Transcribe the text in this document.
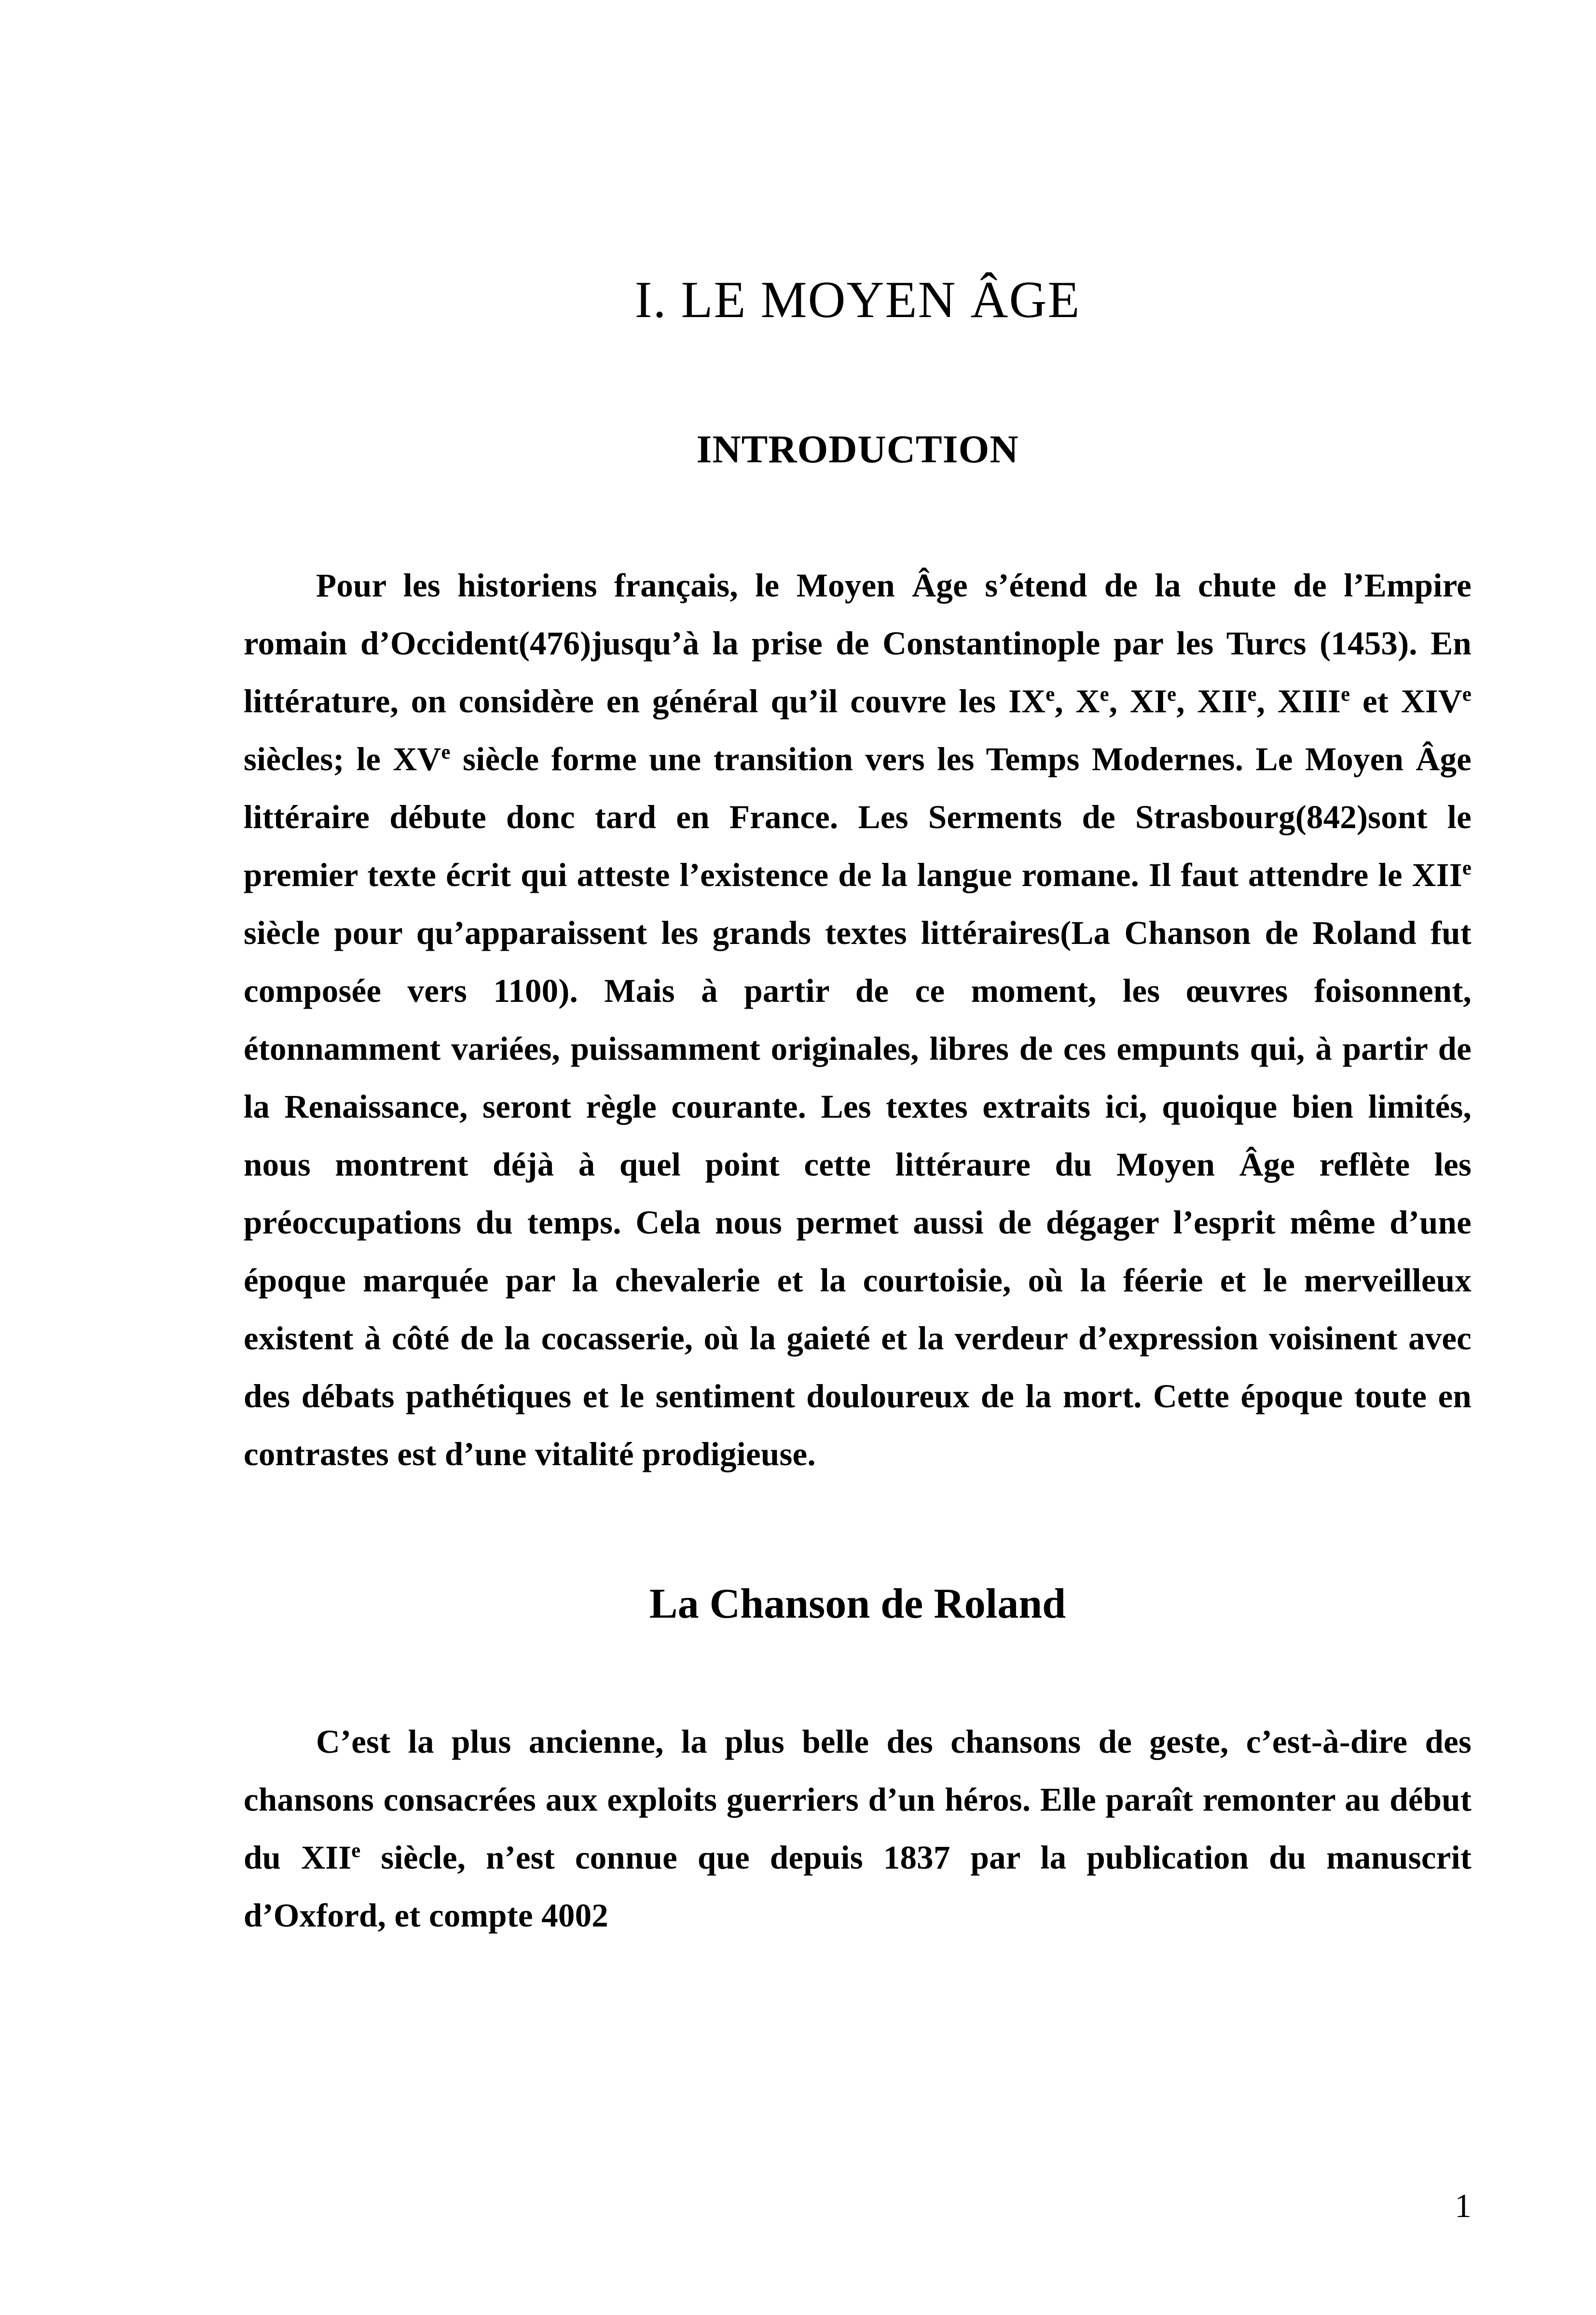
I. LE MOYEN ÂGE
INTRODUCTION

Pour les historiens français, le Moyen Âge s’étend de la chute de l’Empire romain d’Occident(476)jusqu’à la prise de Constantinople par les Turcs (1453). En littérature, on considère en général qu’il couvre les IXe, Xe, XIe, XIIe, XIIIe et XIVe siècles; le XVe siècle forme une transition vers les Temps Modernes. Le Moyen Âge littéraire débute donc tard en France. Les Serments de Strasbourg(842)sont le premier texte écrit qui atteste l’existence de la langue romane. Il faut attendre le XIIe siècle pour qu’apparaissent les grands textes littéraires(La Chanson de Roland fut composée vers 1100). Mais à partir de ce moment, les œuvres foisonnent, étonnamment variées, puissamment originales, libres de ces empunts qui, à partir de la Renaissance, seront règle courante. Les textes extraits ici, quoique bien limités, nous montrent déjà à quel point cette littéraure du Moyen Âge reflète les préoccupations du temps. Cela nous permet aussi de dégager l’esprit même d’une époque marquée par la chevalerie et la courtoisie, où la féerie et le merveilleux existent à côté de la cocasserie, où la gaieté et la verdeur d’expression voisinent avec des débats pathétiques et le sentiment douloureux de la mort. Cette époque toute en contrastes est d’une vitalité prodigieuse.

La Chanson de Roland

C’est la plus ancienne, la plus belle des chansons de geste, c’est-à-dire des chansons consacrées aux exploits guerriers d’un héros. Elle paraît remonter au début du XIIe siècle, n’est connue que depuis 1837 par la publication du manuscrit d’Oxford, et compte 4002

1
